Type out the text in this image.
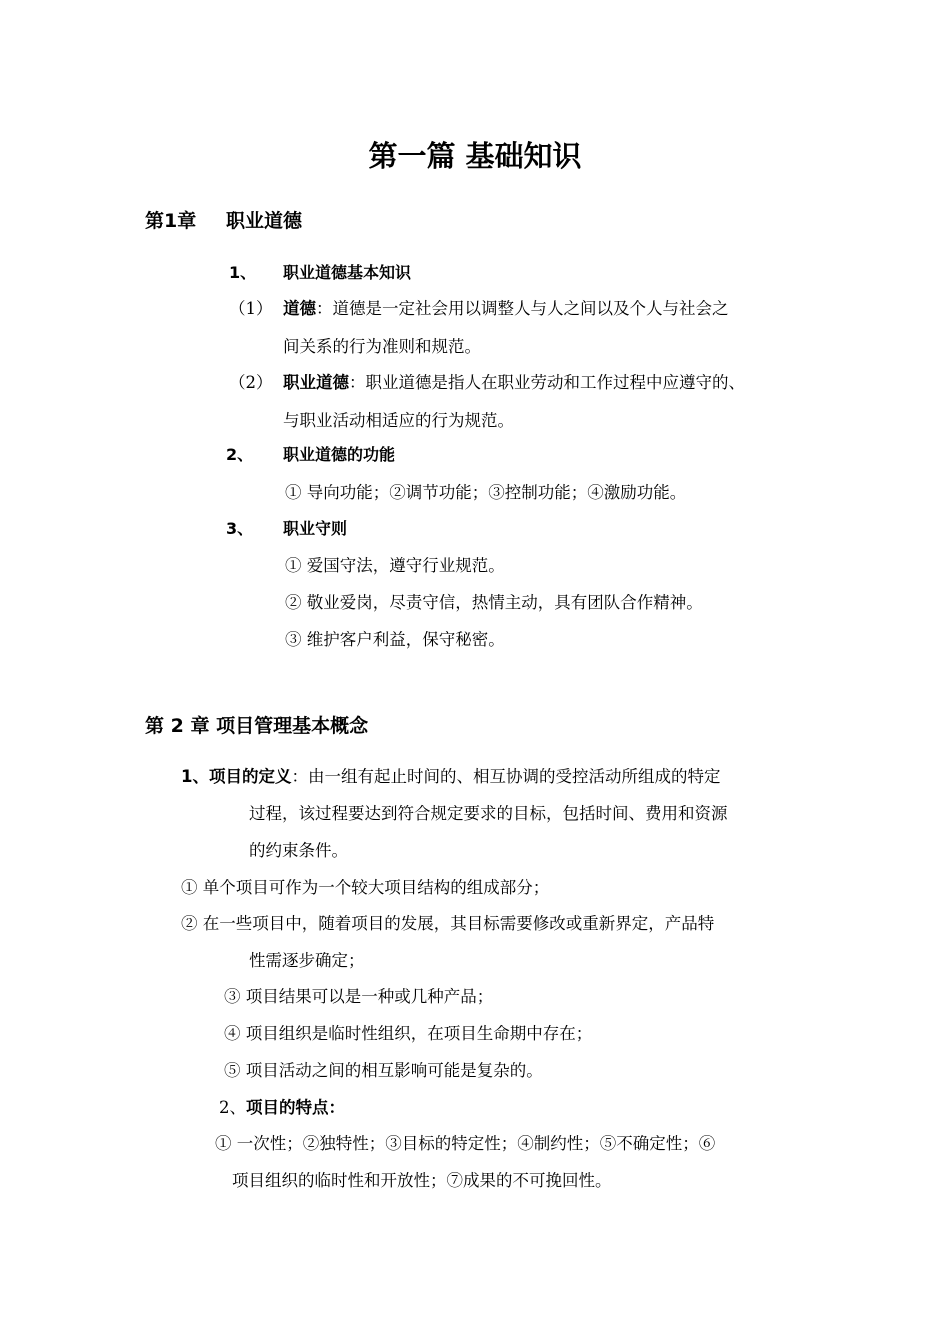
第一篇 基础知识
第1章 职业道德
1、 职业道德基本知识
（1） 道德：道德是一定社会用以调整人与人之间以及个人与社会之
间关系的行为准则和规范。
（2） 职业道德：职业道德是指人在职业劳动和工作过程中应遵守的、
与职业活动相适应的行为规范。
2、 职业道德的功能
① 导向功能；②调节功能；③控制功能；④激励功能。
3、 职业守则
① 爱国守法，遵守行业规范。
② 敬业爱岗，尽责守信，热情主动，具有团队合作精神。
③ 维护客户利益，保守秘密。
第 2 章 项目管理基本概念
1、项目的定义：由一组有起止时间的、相互协调的受控活动所组成的特定
过程，该过程要达到符合规定要求的目标，包括时间、费用和资源
的约束条件。
① 单个项目可作为一个较大项目结构的组成部分；
② 在一些项目中，随着项目的发展，其目标需要修改或重新界定，产品特
性需逐步确定；
③ 项目结果可以是一种或几种产品；
④ 项目组织是临时性组织，在项目生命期中存在；
⑤ 项目活动之间的相互影响可能是复杂的。
2、项目的特点：
① 一次性；②独特性；③目标的特定性；④制约性；⑤不确定性；⑥
项目组织的临时性和开放性；⑦成果的不可挽回性。
